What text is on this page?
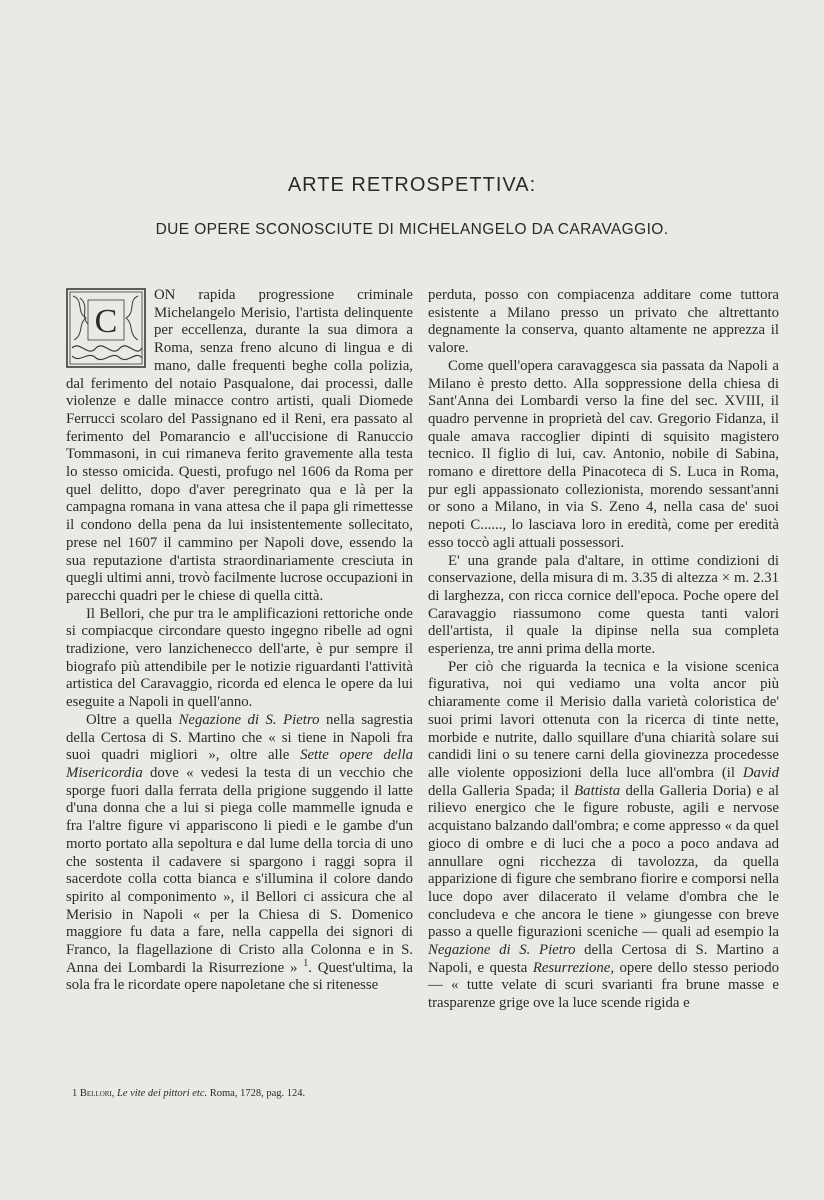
ARTE RETROSPETTIVA:
DUE OPERE SCONOSCIUTE DI MICHELANGELO DA CARAVAGGIO.
C

ON rapida progressione criminale Michelangelo Merisio, l'artista delinquente per eccellenza, durante la sua dimora a Roma, senza freno alcuno di lingua e di mano, dalle frequenti beghe colla polizia, dal ferimento del notaio Pasqualone, dai processi, dalle violenze e dalle minacce contro artisti, quali Diomede Ferrucci scolaro del Passignano ed il Reni, era passato al ferimento del Pomarancio e all'uccisione di Ranuccio Tommasoni, in cui rimaneva ferito gravemente alla testa lo stesso omicida. Questi, profugo nel 1606 da Roma per quel delitto, dopo d'aver peregrinato qua e là per la campagna romana in vana attesa che il papa gli rimettesse il condono della pena da lui insistentemente sollecitato, prese nel 1607 il cammino per Napoli dove, essendo la sua reputazione d'artista straordinariamente cresciuta in quegli ultimi anni, trovò facilmente lucrose occupazioni in parecchi quadri per le chiese di quella città.

Il Bellori, che pur tra le amplificazioni rettoriche onde si compiacque circondare questo ingegno ribelle ad ogni tradizione, vero lanzichenecco dell'arte, è pur sempre il biografo più attendibile per le notizie riguardanti l'attività artistica del Caravaggio, ricorda ed elenca le opere da lui eseguite a Napoli in quell'anno.

Oltre a quella Negazione di S. Pietro nella sagrestia della Certosa di S. Martino che « si tiene in Napoli fra suoi quadri migliori », oltre alle Sette opere della Misericordia dove « vedesi la testa di un vecchio che sporge fuori dalla ferrata della prigione suggendo il latte d'una donna che a lui si piega colle mammelle ignuda e fra l'altre figure vi appariscono li piedi e le gambe d'un morto portato alla sepoltura e dal lume della torcia di uno che sostenta il cadavere si spargono i raggi sopra il sacerdote colla cotta bianca e s'illumina il colore dando spirito al componimento », il Bellori ci assicura che al Merisio in Napoli « per la Chiesa di S. Domenico maggiore fu data a fare, nella cappella dei signori di Franco, la flagellazione di Cristo alla Colonna e in S. Anna dei Lombardi la Risurrezione » $^1$. Quest'ultima, la sola fra le ricordate opere napoletane che si ritenesse

1 Bellori, Le vite dei pittori etc. Roma, 1728, pag. 124.

perduta, posso con compiacenza additare come tuttora esistente a Milano presso un privato che altrettanto degnamente la conserva, quanto altamente ne apprezza il valore.

Come quell'opera caravaggesca sia passata da Napoli a Milano è presto detto. Alla soppressione della chiesa di Sant'Anna dei Lombardi verso la fine del sec. XVIII, il quadro pervenne in proprietà del cav. Gregorio Fidanza, il quale amava raccoglier dipinti di squisito magistero tecnico. Il figlio di lui, cav. Antonio, nobile di Sabina, romano e direttore della Pinacoteca di S. Luca in Roma, pur egli appassionato collezionista, morendo sessant'anni or sono a Milano, in via S. Zeno 4, nella casa de' suoi nepoti C......, lo lasciava loro in eredità, come per eredità esso toccò agli attuali possessori.

E' una grande pala d'altare, in ottime condizioni di conservazione, della misura di m. 3.35 di altezza × m. 2.31 di larghezza, con ricca cornice dell'epoca. Poche opere del Caravaggio riassumono come questa tanti valori dell'artista, il quale la dipinse nella sua completa esperienza, tre anni prima della morte.

Per ciò che riguarda la tecnica e la visione scenica figurativa, noi qui vediamo una volta ancor più chiaramente come il Merisio dalla varietà coloristica de' suoi primi lavori ottenuta con la ricerca di tinte nette, morbide e nutrite, dallo squillare d'una chiarità solare sui candidi lini o su tenere carni della giovinezza procedesse alle violente opposizioni della luce all'ombra (il David della Galleria Spada; il Battista della Galleria Doria) e al rilievo energico che le figure robuste, agili e nervose acquistano balzando dall'ombra; e come appresso « da quel gioco di ombre e di luci che a poco a poco andava ad annullare ogni ricchezza di tavolozza, da quella apparizione di figure che sembrano fiorire e comporsi nella luce dopo aver dilacerato il velame d'ombra che le concludeva e che ancora le tiene » giungesse con breve passo a quelle figurazioni sceniche — quali ad esempio la Negazione di S. Pietro della Certosa di S. Martino a Napoli, e questa Resurrezione, opere dello stesso periodo — « tutte velate di scuri svarianti fra brune masse e trasparenze grige ove la luce scende rigida e
